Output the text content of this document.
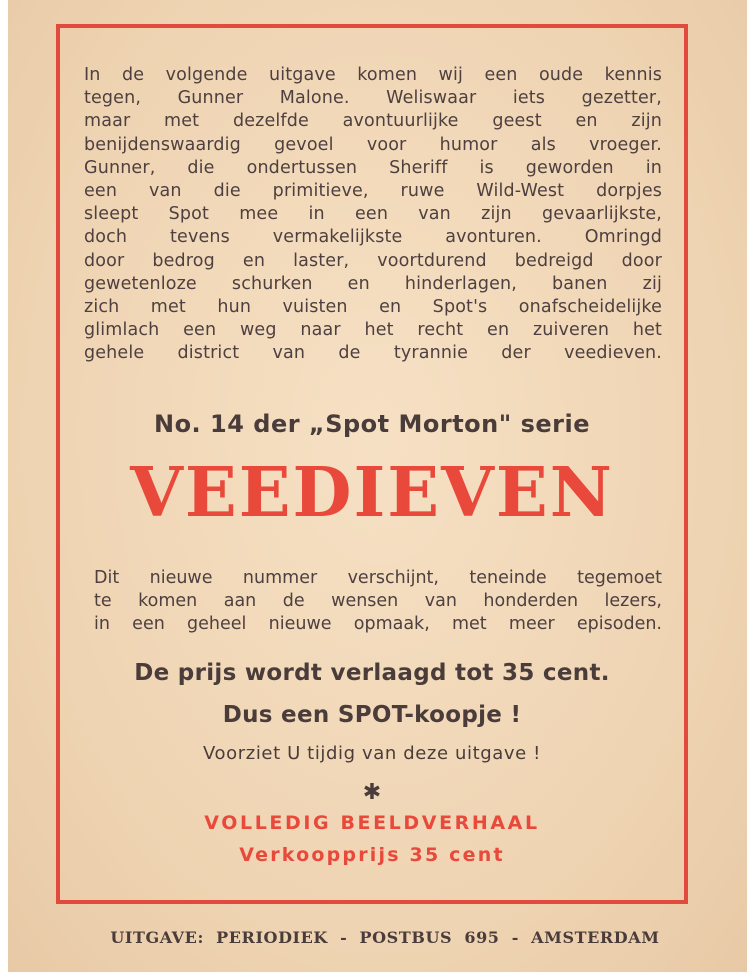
In de volgende uitgave komen wij een oude kennis
tegen, Gunner Malone. Weliswaar iets gezetter,
maar met dezelfde avontuurlijke geest en zijn
benijdenswaardig gevoel voor humor als vroeger.
Gunner, die ondertussen Sheriff is geworden in
een van die primitieve, ruwe Wild-West dorpjes
sleept Spot mee in een van zijn gevaarlijkste,
doch tevens vermakelijkste avonturen. Omringd
door bedrog en laster, voortdurend bedreigd door
gewetenloze schurken en hinderlagen, banen zij
zich met hun vuisten en Spot's onafscheidelijke
glimlach een weg naar het recht en zuiveren het
gehele district van de tyrannie der veedieven.
No. 14 der „Spot Morton" serie
VEEDIEVEN
Dit nieuwe nummer verschijnt, teneinde tegemoet
te komen aan de wensen van honderden lezers,
in een geheel nieuwe opmaak, met meer episoden.
De prijs wordt verlaagd tot 35 cent.
Dus een SPOT-koopje !
Voorziet U tijdig van deze uitgave !
✱
VOLLEDIG BEELDVERHAAL
Verkoopprijs 35 cent
UITGAVE: PERIODIEK - POSTBUS 695 - AMSTERDAM
